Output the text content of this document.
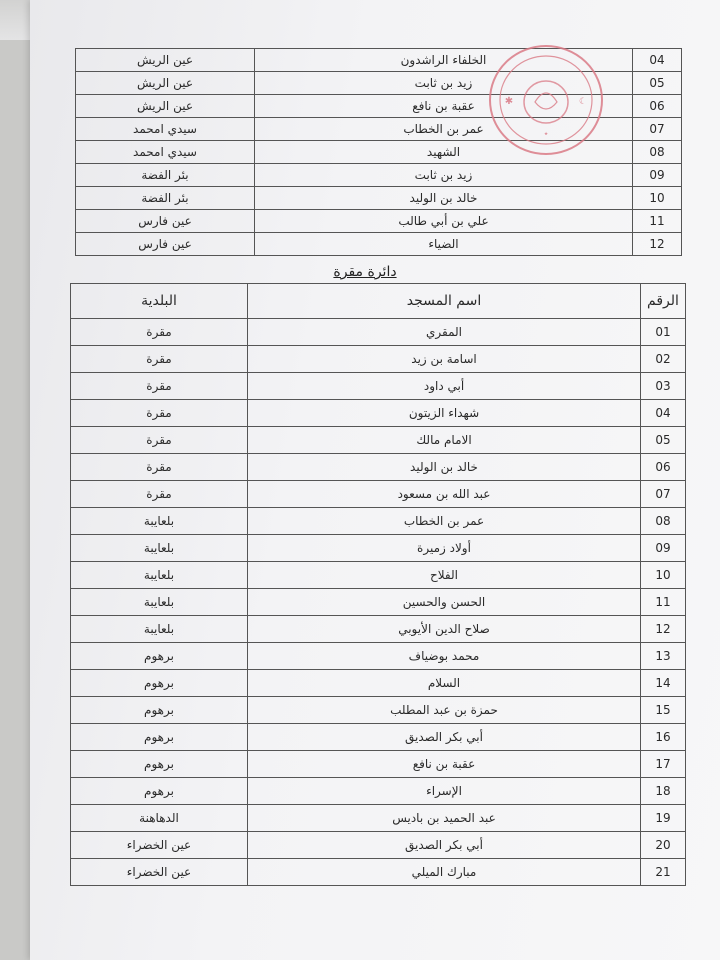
04	الخلفاء الراشدون	عين الريش
05	زيد بن ثابت	عين الريش
06	عقبة بن نافع	عين الريش
07	عمر بن الخطاب	سيدي امحمد
08	الشهيد	سيدي امحمد
09	زيد بن ثابت	بئر الفضة
10	خالد بن الوليد	بئر الفضة
11	علي بن أبي طالب	عين فارس
12	الضياء	عين فارس
٭
✱	☾
دائرة مقرة
الرقم	اسم المسجد	البلدية
01	المقري	مقرة
02	اسامة بن زيد	مقرة
03	أبي داود	مقرة
04	شهداء الزيتون	مقرة
05	الامام مالك	مقرة
06	خالد بن الوليد	مقرة
07	عبد الله بن مسعود	مقرة
08	عمر بن الخطاب	بلعايبة
09	أولاد زميرة	بلعايبة
10	الفلاح	بلعايبة
11	الحسن والحسين	بلعايبة
12	صلاح الدين الأيوبي	بلعايبة
13	محمد بوضياف	برهوم
14	السلام	برهوم
15	حمزة بن عبد المطلب	برهوم
16	أبي بكر الصديق	برهوم
17	عقبة بن نافع	برهوم
18	الإسراء	برهوم
19	عبد الحميد بن باديس	الدهاهنة
20	أبي بكر الصديق	عين الخضراء
21	مبارك الميلي	عين الخضراء
